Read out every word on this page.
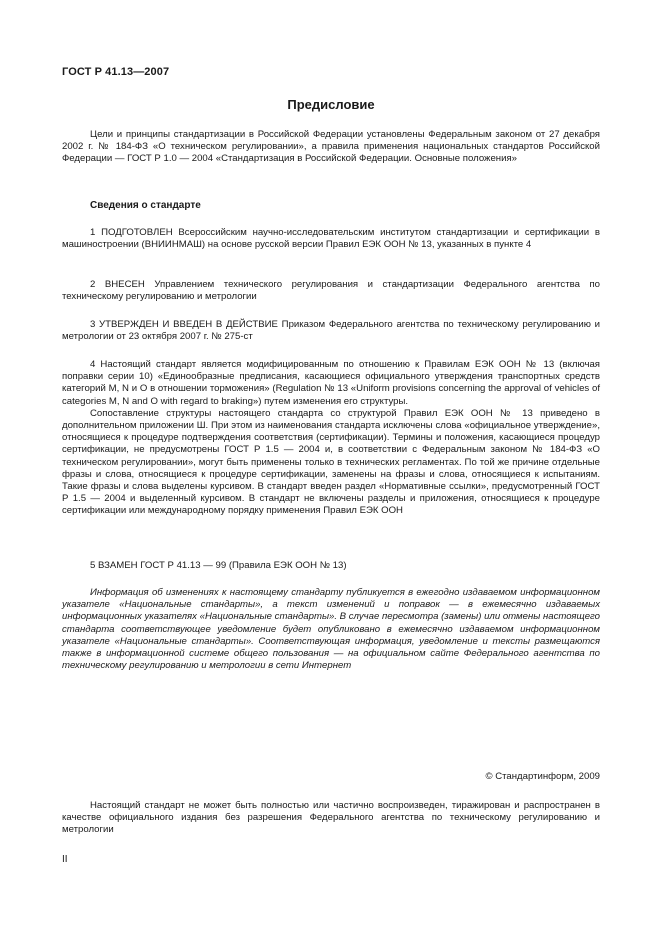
ГОСТ Р 41.13—2007
Предисловие

Цели и принципы стандартизации в Российской Федерации установлены Федеральным законом от 27 декабря 2002 г. № 184-ФЗ «О техническом регулировании», а правила применения национальных стандартов Российской Федерации — ГОСТ Р 1.0 — 2004 «Стандартизация в Российской Федерации. Основные положения»

Сведения о стандарте

1 ПОДГОТОВЛЕН Всероссийским научно-исследовательским институтом стандартизации и сертификации в машиностроении (ВНИИНМАШ) на основе русской версии Правил ЕЭК ООН № 13, указанных в пункте 4

2 ВНЕСЕН Управлением технического регулирования и стандартизации Федерального агентства по техническому регулированию и метрологии

3 УТВЕРЖДЕН И ВВЕДЕН В ДЕЙСТВИЕ Приказом Федерального агентства по техническому регулированию и метрологии от 23 октября 2007 г. № 275-ст

4 Настоящий стандарт является модифицированным по отношению к Правилам ЕЭК ООН № 13 (включая поправки серии 10) «Единообразные предписания, касающиеся официального утверждения транспортных средств категорий M, N и O в отношении торможения» (Regulation № 13 «Uniform provisions concerning the approval of vehicles of categories M, N and O with regard to braking») путем изменения его структуры.

Сопоставление структуры настоящего стандарта со структурой Правил ЕЭК ООН № 13 приведено в дополнительном приложении Ш. При этом из наименования стандарта исключены слова «официальное утверждение», относящиеся к процедуре подтверждения соответствия (сертификации). Термины и положения, касающиеся процедур сертификации, не предусмотрены ГОСТ Р 1.5 — 2004 и, в соответствии с Федеральным законом № 184-ФЗ «О техническом регулировании», могут быть применены только в технических регламентах. По той же причине отдельные фразы и слова, относящиеся к процедуре сертификации, заменены на фразы и слова, относящиеся к испытаниям. Такие фразы и слова выделены курсивом. В стандарт введен раздел «Нормативные ссылки», предусмотренный ГОСТ Р 1.5 — 2004 и выделенный курсивом. В стандарт не включены разделы и приложения, относящиеся к процедуре сертификации или международному порядку применения Правил ЕЭК ООН

5 ВЗАМЕН ГОСТ Р 41.13 — 99 (Правила ЕЭК ООН № 13)

Информация об изменениях к настоящему стандарту публикуется в ежегодно издаваемом информационном указателе «Национальные стандарты», а текст изменений и поправок — в ежемесячно издаваемых информационных указателях «Национальные стандарты». В случае пересмотра (замены) или отмены настоящего стандарта соответствующее уведомление будет опубликовано в ежемесячно издаваемом информационном указателе «Национальные стандарты». Соответствующая информация, уведомление и тексты размещаются также в информационной системе общего пользования — на официальном сайте Федерального агентства по техническому регулированию и метрологии в сети Интернет

© Стандартинформ, 2009

Настоящий стандарт не может быть полностью или частично воспроизведен, тиражирован и распространен в качестве официального издания без разрешения Федерального агентства по техническому регулированию и метрологии

II
